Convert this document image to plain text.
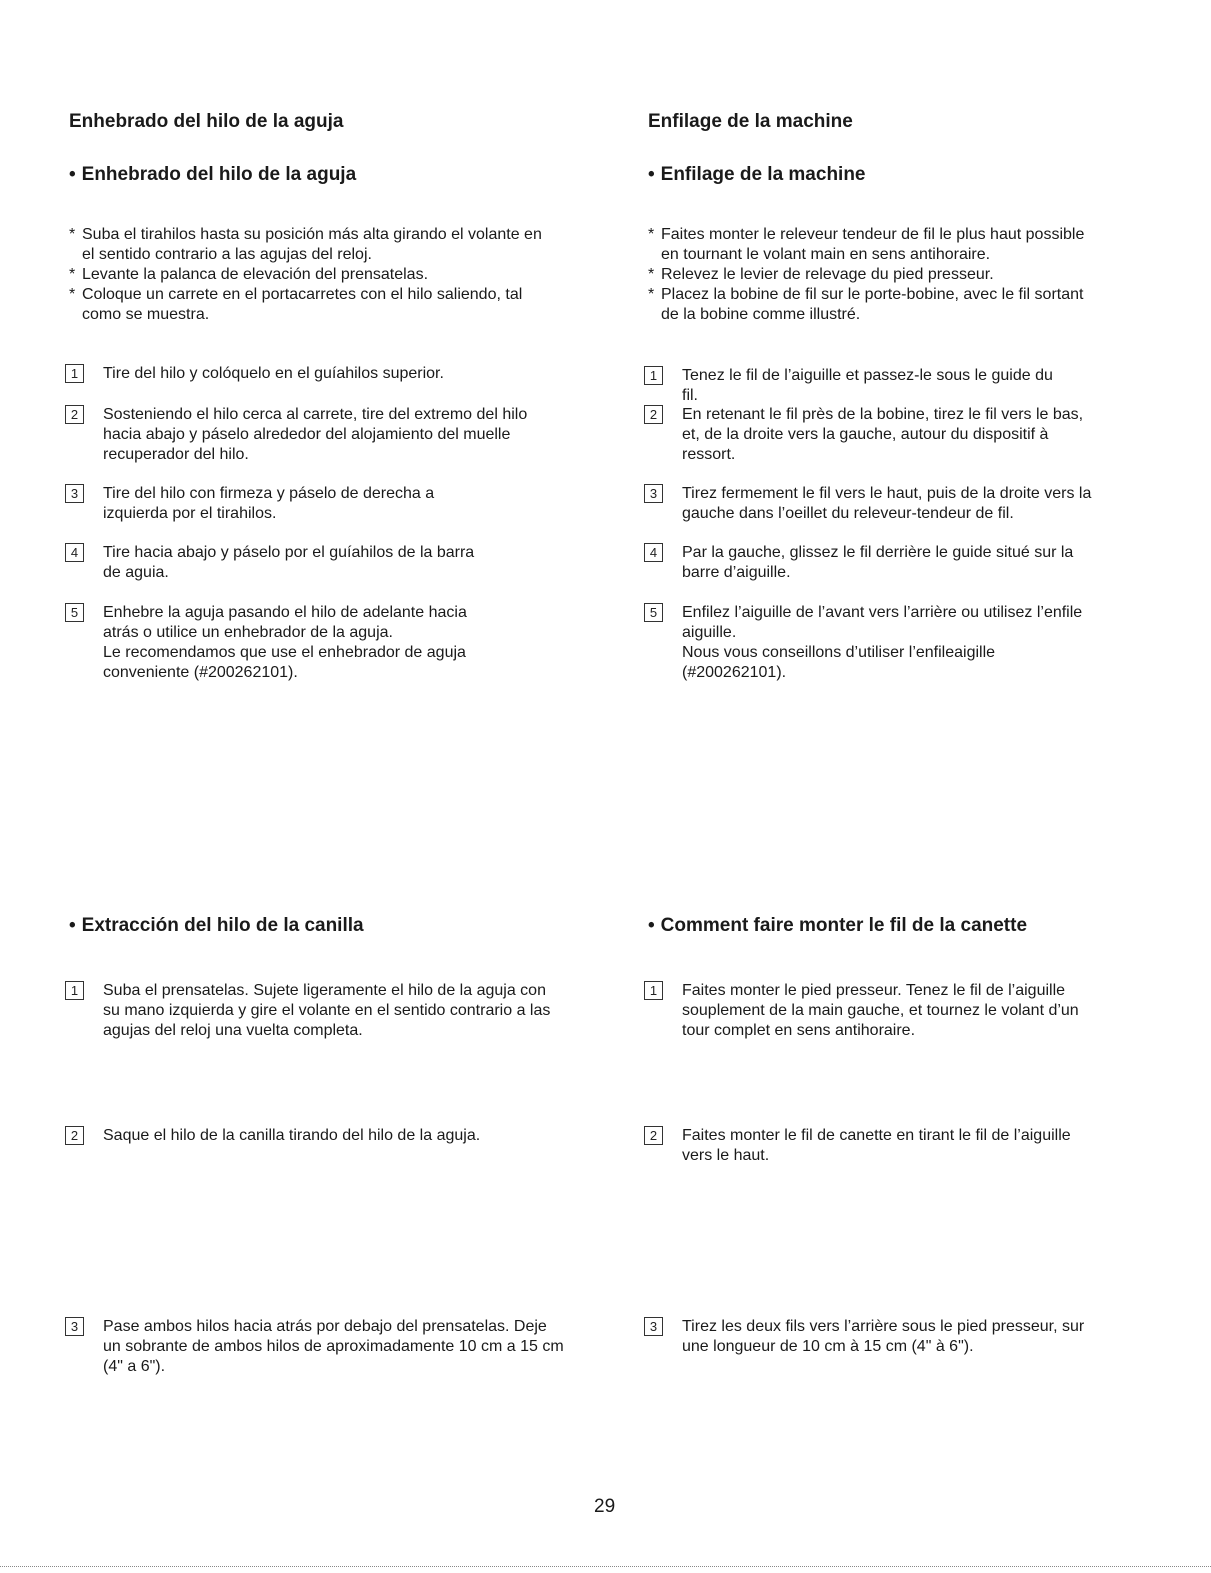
Enhebrado del hilo de la aguja
• Enhebrado del hilo de la aguja
* Suba el tirahilos hasta su posición más alta girando el volante en
el sentido contrario a las agujas del reloj.
* Levante la palanca de elevación del prensatelas.
* Coloque un carrete en el portacarretes con el hilo saliendo, tal
como se muestra.
1	Tire del hilo y colóquelo en el guíahilos superior.
2	Sosteniendo el hilo cerca al carrete, tire del extremo del hilo
hacia abajo y páselo alrededor del alojamiento del muelle
recuperador del hilo.
3	Tire del hilo con firmeza y páselo de derecha a
izquierda por el tirahilos.
4	Tire hacia abajo y páselo por el guíahilos de la barra
de aguia.
5	Enhebre la aguja pasando el hilo de adelante hacia
atrás o utilice un enhebrador de la aguja.
Le recomendamos que use el enhebrador de aguja
conveniente (#200262101).
• Extracción del hilo de la canilla
1	Suba el prensatelas. Sujete ligeramente el hilo de la aguja con
su mano izquierda y gire el volante en el sentido contrario a las
agujas del reloj una vuelta completa.
2	Saque el hilo de la canilla tirando del hilo de la aguja.
3	Pase ambos hilos hacia atrás por debajo del prensatelas. Deje
un sobrante de ambos hilos de aproximadamente 10 cm a 15 cm
(4" a 6").
Enfilage de la machine
• Enfilage de la machine
* Faites monter le releveur tendeur de fil le plus haut possible
en tournant le volant main en sens antihoraire.
* Relevez le levier de relevage du pied presseur.
* Placez la bobine de fil sur le porte-bobine, avec le fil sortant
de la bobine comme illustré.
1	Tenez le fil de l’aiguille et passez-le sous le guide du
fil.
2	En retenant le fil près de la bobine, tirez le fil vers le bas,
et, de la droite vers la gauche, autour du dispositif à
ressort.
3	Tirez fermement le fil vers le haut, puis de la droite vers la
gauche dans l’oeillet du releveur-tendeur de fil.
4	Par la gauche, glissez le fil derrière le guide situé sur la
barre d’aiguille.
5	Enfilez l’aiguille de l’avant vers l’arrière ou utilisez l’enfile
aiguille.
Nous vous conseillons d’utiliser l’enfileaigille
(#200262101).
• Comment faire monter le fil de la canette
1	Faites monter le pied presseur. Tenez le fil de l’aiguille
souplement de la main gauche, et tournez le volant d’un
tour complet en sens antihoraire.
2	Faites monter le fil de canette en tirant le fil de l’aiguille
vers le haut.
3	Tirez les deux fils vers l’arrière sous le pied presseur, sur
une longueur de 10 cm à 15 cm (4" à 6").
29
